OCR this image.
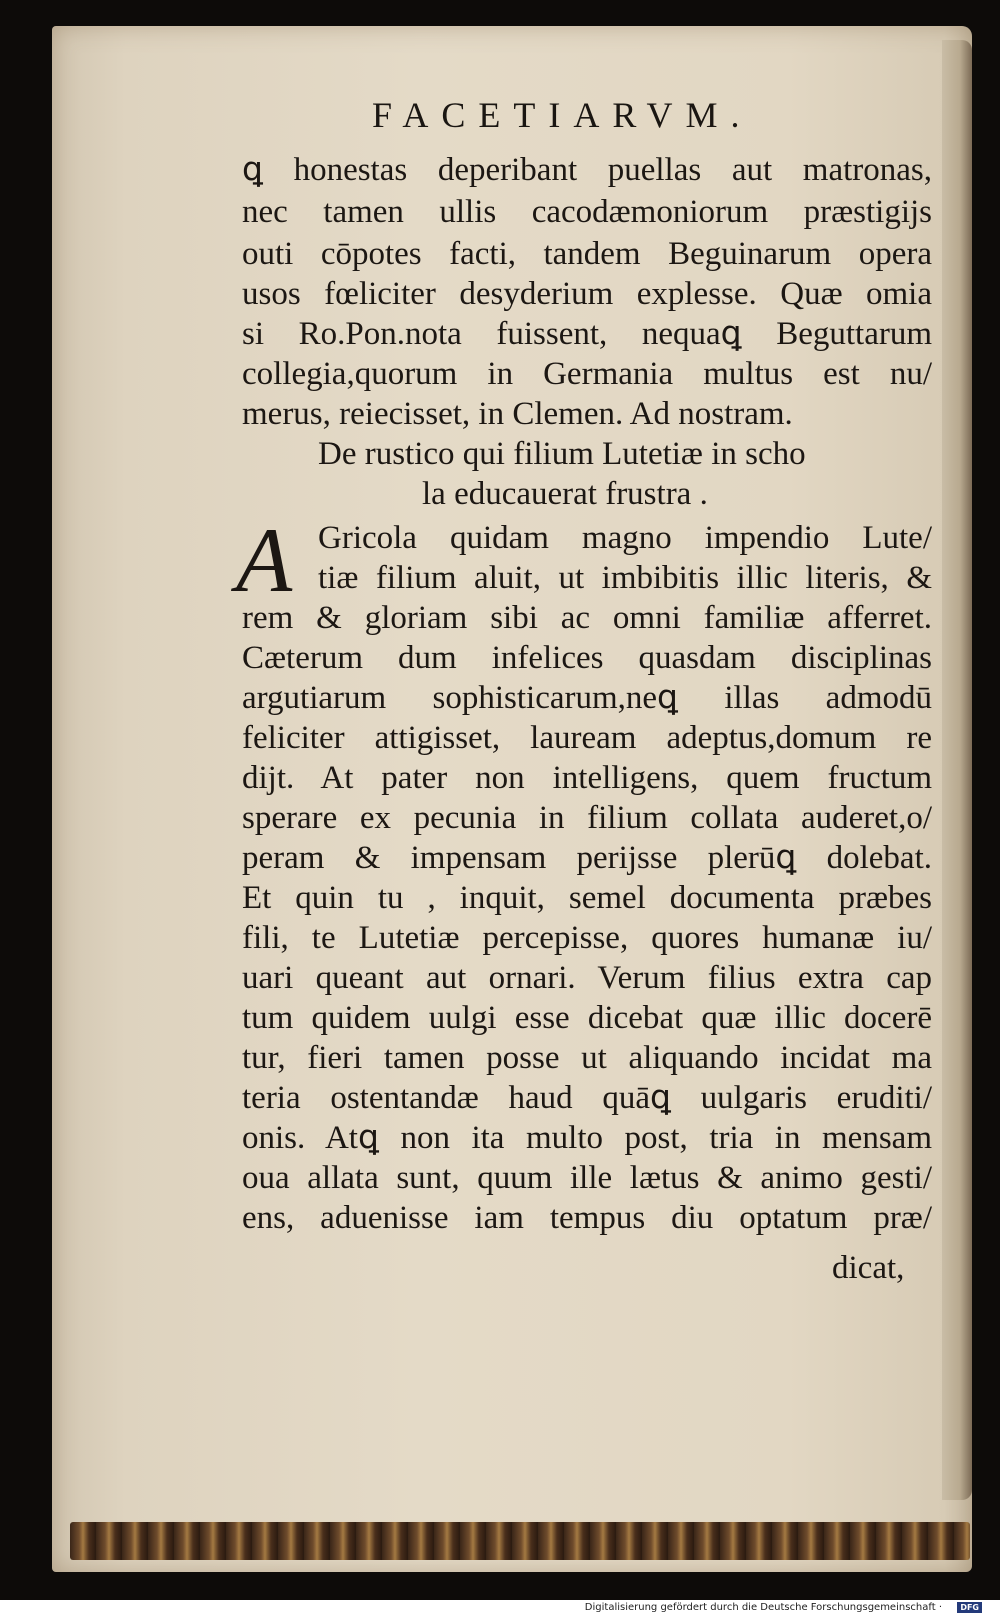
FACETIARVM.
ꝗ honestas deperibant puellas aut matronas,
nec tamen ullis cacodæmoniorum præstigijs
outi cōpotes facti, tandem Beguinarum opera
usos fœliciter desyderium explesse. Quæ omia
si Ro.Pon.nota fuissent, nequaꝗ Beguttarum
collegia,quorum in Germania multus est nu/
merus, reiecisset, in Clemen. Ad nostram.
De rustico qui filium Lutetiæ in scho
la educauerat frustra .
A Gricola quidam magno impendio Lute/
tiæ filium aluit, ut imbibitis illic literis, &
rem & gloriam sibi ac omni familiæ afferret.
Cæterum dum infelices quasdam disciplinas
argutiarum sophisticarum,neꝗ illas admodū
feliciter attigisset, lauream adeptus,domum re
dijt. At pater non intelligens, quem fructum
sperare ex pecunia in filium collata auderet,o/
peram & impensam perijsse plerūꝗ dolebat.
Et quin tu , inquit, semel documenta præbes
fili, te Lutetiæ percepisse, quores humanæ iu/
uari queant aut ornari. Verum filius extra cap
tum quidem uulgi esse dicebat quæ illic docerē
tur, fieri tamen posse ut aliquando incidat ma
teria ostentandæ haud quāꝗ uulgaris eruditi/
onis. Atꝗ non ita multo post, tria in mensam
oua allata sunt, quum ille lætus & animo gesti/
ens, aduenisse iam tempus diu optatum præ/
dicat,
Digitalisierung gefördert durch die Deutsche Forschungsgemeinschaft ·	DFG
